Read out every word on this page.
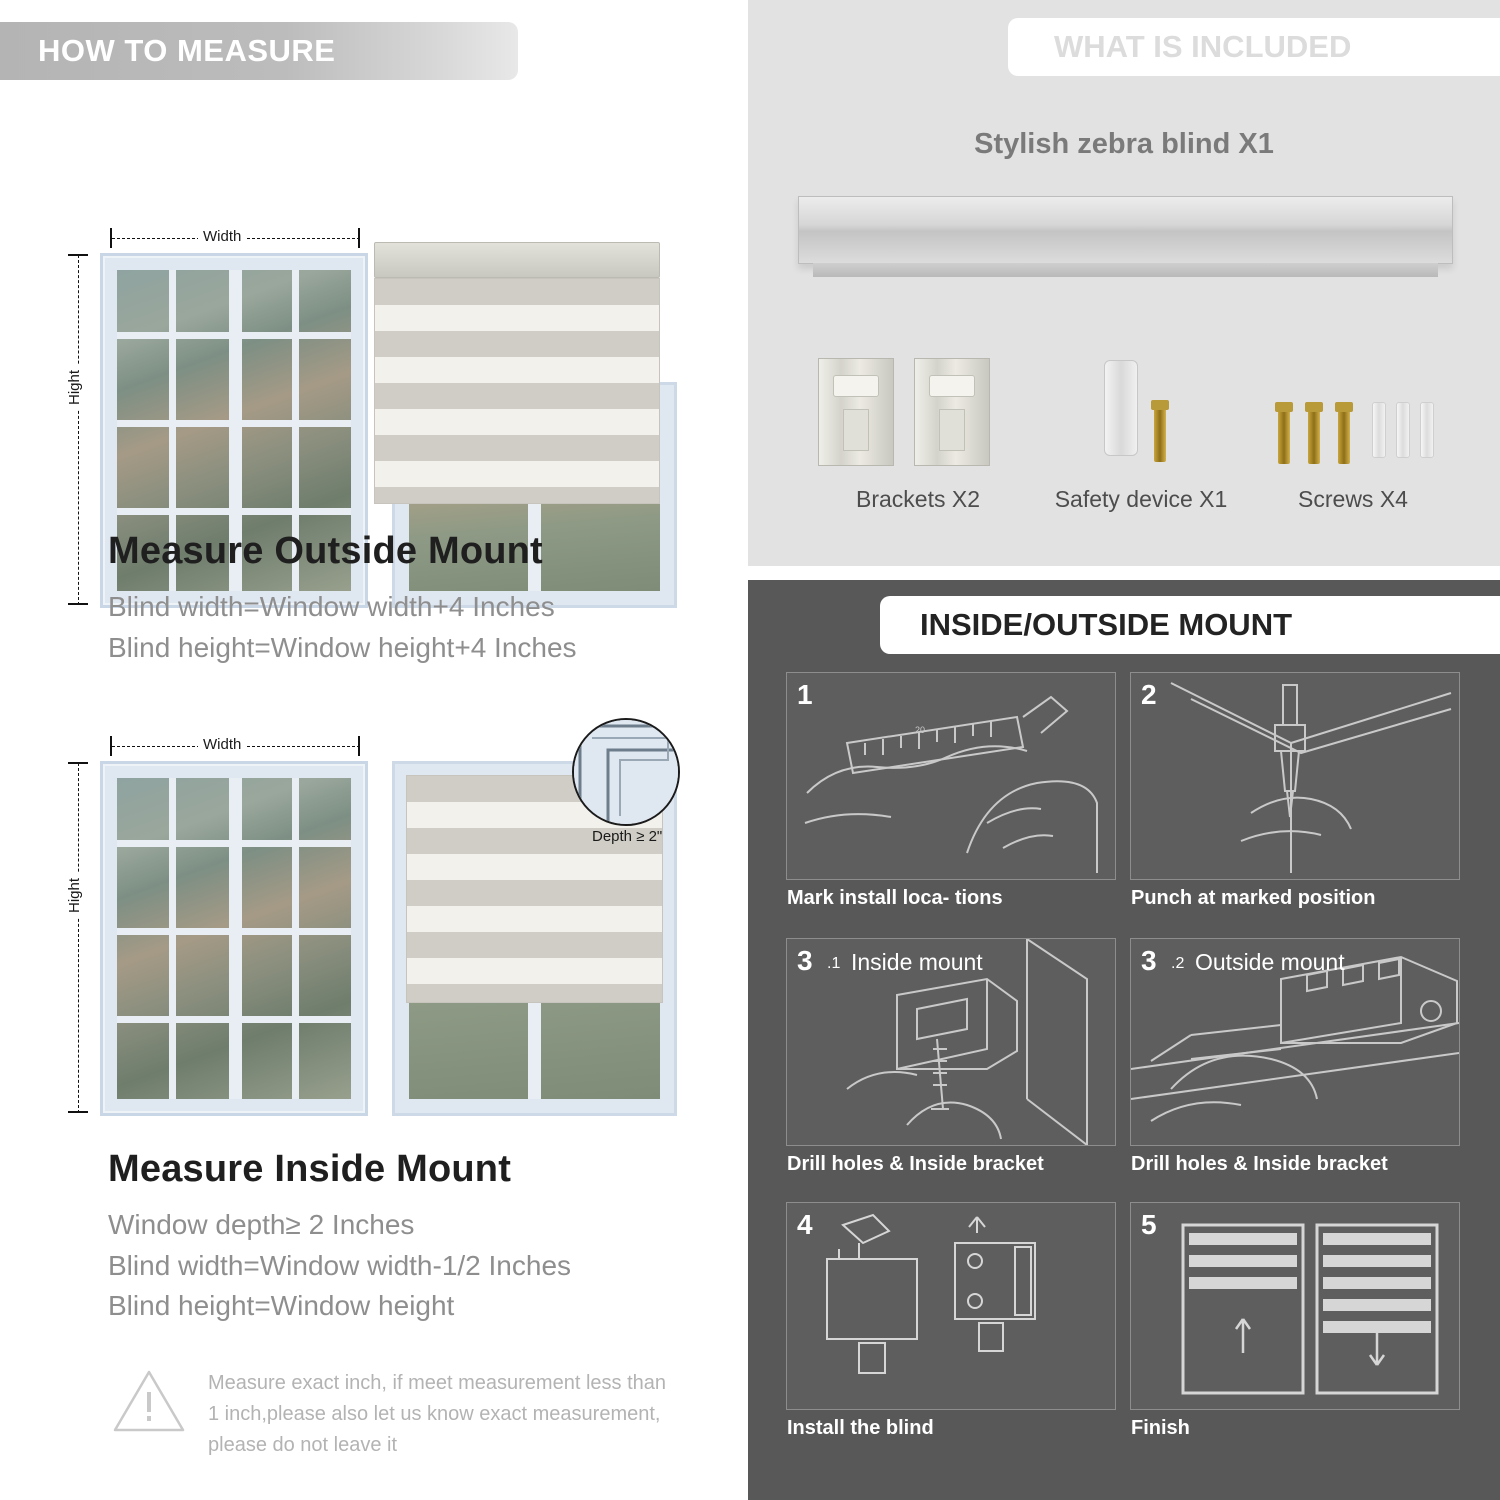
HOW TO MEASURE
Width
Hight
Measure Outside Mount
Blind width=Window width+4 Inches
Blind height=Window height+4 Inches
Width
Hight
Depth ≥ 2"
Measure Inside Mount
Window depth≥ 2 Inches
Blind width=Window width-1/2 Inches
Blind height=Window height
Measure exact inch, if meet measurement less than 1 inch,please also let us know exact measurement, please do not leave it
WHAT IS INCLUDED
Stylish zebra blind X1
Brackets X2	Safety device X1	Screws X4
INSIDE/OUTSIDE MOUNT
1
20
Mark install loca- tions
2
Punch at marked position
3 .1 Inside mount
Drill holes & Inside bracket
3 .2 Outside mount
Drill holes & Inside bracket
4
Install the blind
5
Finish
